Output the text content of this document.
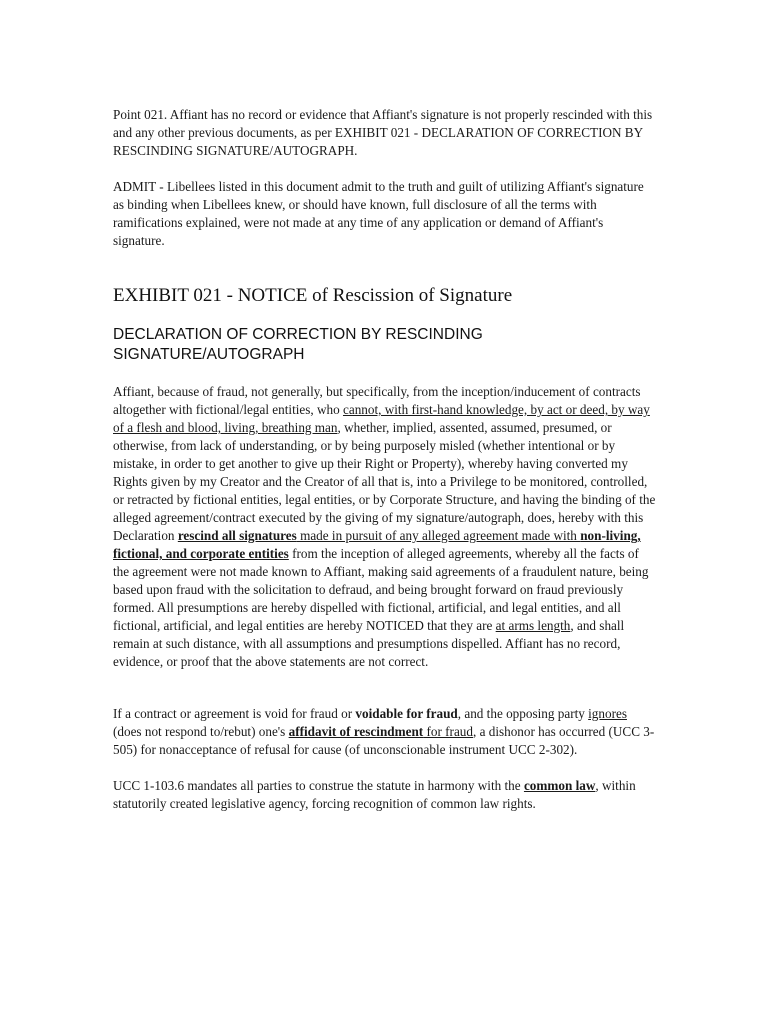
Point 021. Affiant has no record or evidence that Affiant's signature is not properly rescinded with this and any other previous documents, as per EXHIBIT 021 - DECLARATION OF CORRECTION BY RESCINDING SIGNATURE/AUTOGRAPH.

ADMIT - Libellees listed in this document admit to the truth and guilt of utilizing Affiant's signature as binding when Libellees knew, or should have known, full disclosure of all the terms with ramifications explained, were not made at any time of any application or demand of Affiant's signature.

EXHIBIT 021 - NOTICE of Rescission of Signature
DECLARATION OF CORRECTION BY RESCINDING SIGNATURE/AUTOGRAPH

Affiant, because of fraud, not generally, but specifically, from the inception/inducement of contracts altogether with fictional/legal entities, who cannot, with first-hand knowledge, by act or deed, by way of a flesh and blood, living, breathing man, whether, implied, assented, assumed, presumed, or otherwise, from lack of understanding, or by being purposely misled (whether intentional or by mistake, in order to get another to give up their Right or Property), whereby having converted my Rights given by my Creator and the Creator of all that is, into a Privilege to be monitored, controlled, or retracted by fictional entities, legal entities, or by Corporate Structure, and having the binding of the alleged agreement/contract executed by the giving of my signature/autograph, does, hereby with this Declaration rescind all signatures made in pursuit of any alleged agreement made with non-living, fictional, and corporate entities from the inception of alleged agreements, whereby all the facts of the agreement were not made known to Affiant, making said agreements of a fraudulent nature, being based upon fraud with the solicitation to defraud, and being brought forward on fraud previously formed. All presumptions are hereby dispelled with fictional, artificial, and legal entities, and all fictional, artificial, and legal entities are hereby NOTICED that they are at arms length, and shall remain at such distance, with all assumptions and presumptions dispelled. Affiant has no record, evidence, or proof that the above statements are not correct.

If a contract or agreement is void for fraud or voidable for fraud, and the opposing party ignores (does not respond to/rebut) one's affidavit of rescindment for fraud, a dishonor has occurred (UCC 3-505) for nonacceptance of refusal for cause (of unconscionable instrument UCC 2-302).

UCC 1-103.6 mandates all parties to construe the statute in harmony with the common law, within statutorily created legislative agency, forcing recognition of common law rights.
